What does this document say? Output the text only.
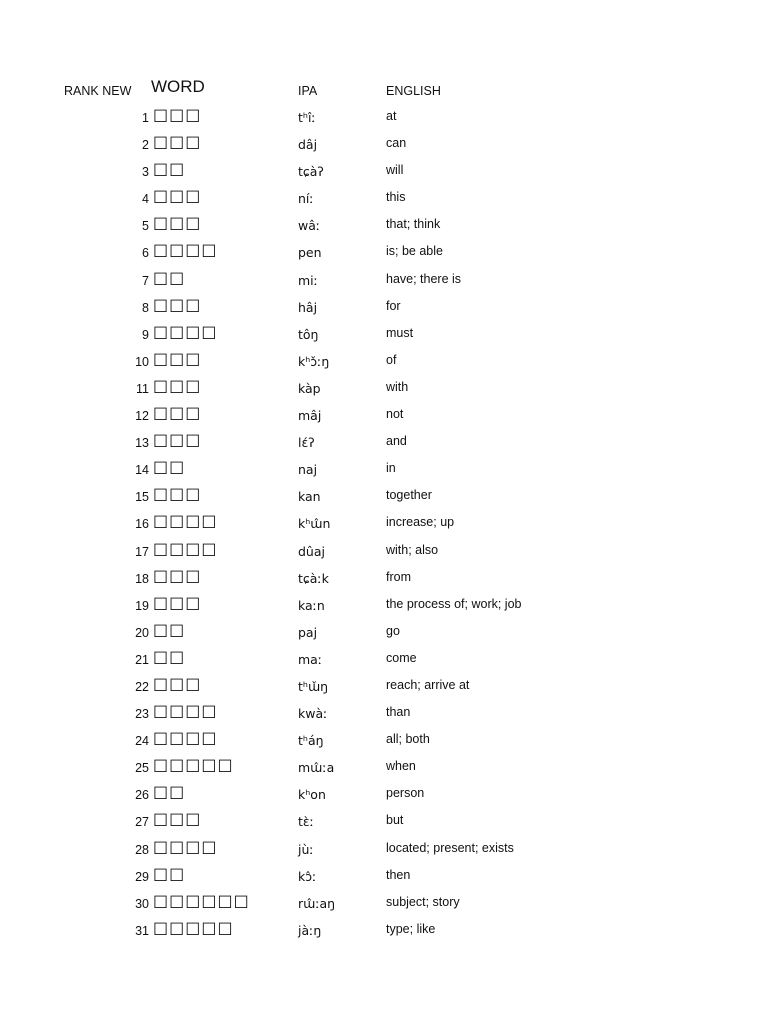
RANK NEW WORD	IPA	ENGLISH
1 □□□	tʰîː	at
2 □□□	dâj	can
3 □□	tɕàʔ	will
4 □□□	níː	this
5 □□□	wâː	that; think
6 □□□□	pen	is; be able
7 □□	miː	have; there is
8 □□□	hâj	for
9 □□□□	tôŋ	must
10 □□□	kʰɔ̌ːŋ	of
11 □□□	kàp	with
12 □□□	mâj	not
13 □□□	lɛ́ʔ	and
14 □□	naj	in
15 □□□	kan	together
16 □□□□	kʰɯ̂n	increase; up
17 □□□□	dûaj	with; also
18 □□□	tɕàːk	from
19 □□□	kaːn	the process of; work; job
20 □□	paj	go
21 □□	maː	come
22 □□□	tʰɯ̌ŋ	reach; arrive at
23 □□□□	kwàː	than
24 □□□□	tʰáŋ	all; both
25 □□□□□	mɯ̂ːa	when
26 □□	kʰon	person
27 □□□	tɛ̀ː	but
28 □□□□	jùː	located; present; exists
29 □□	kɔ̂ː	then
30 □□□□□□	rɯ̂ːaŋ	subject; story
31 □□□□□	jàːŋ	type; like
